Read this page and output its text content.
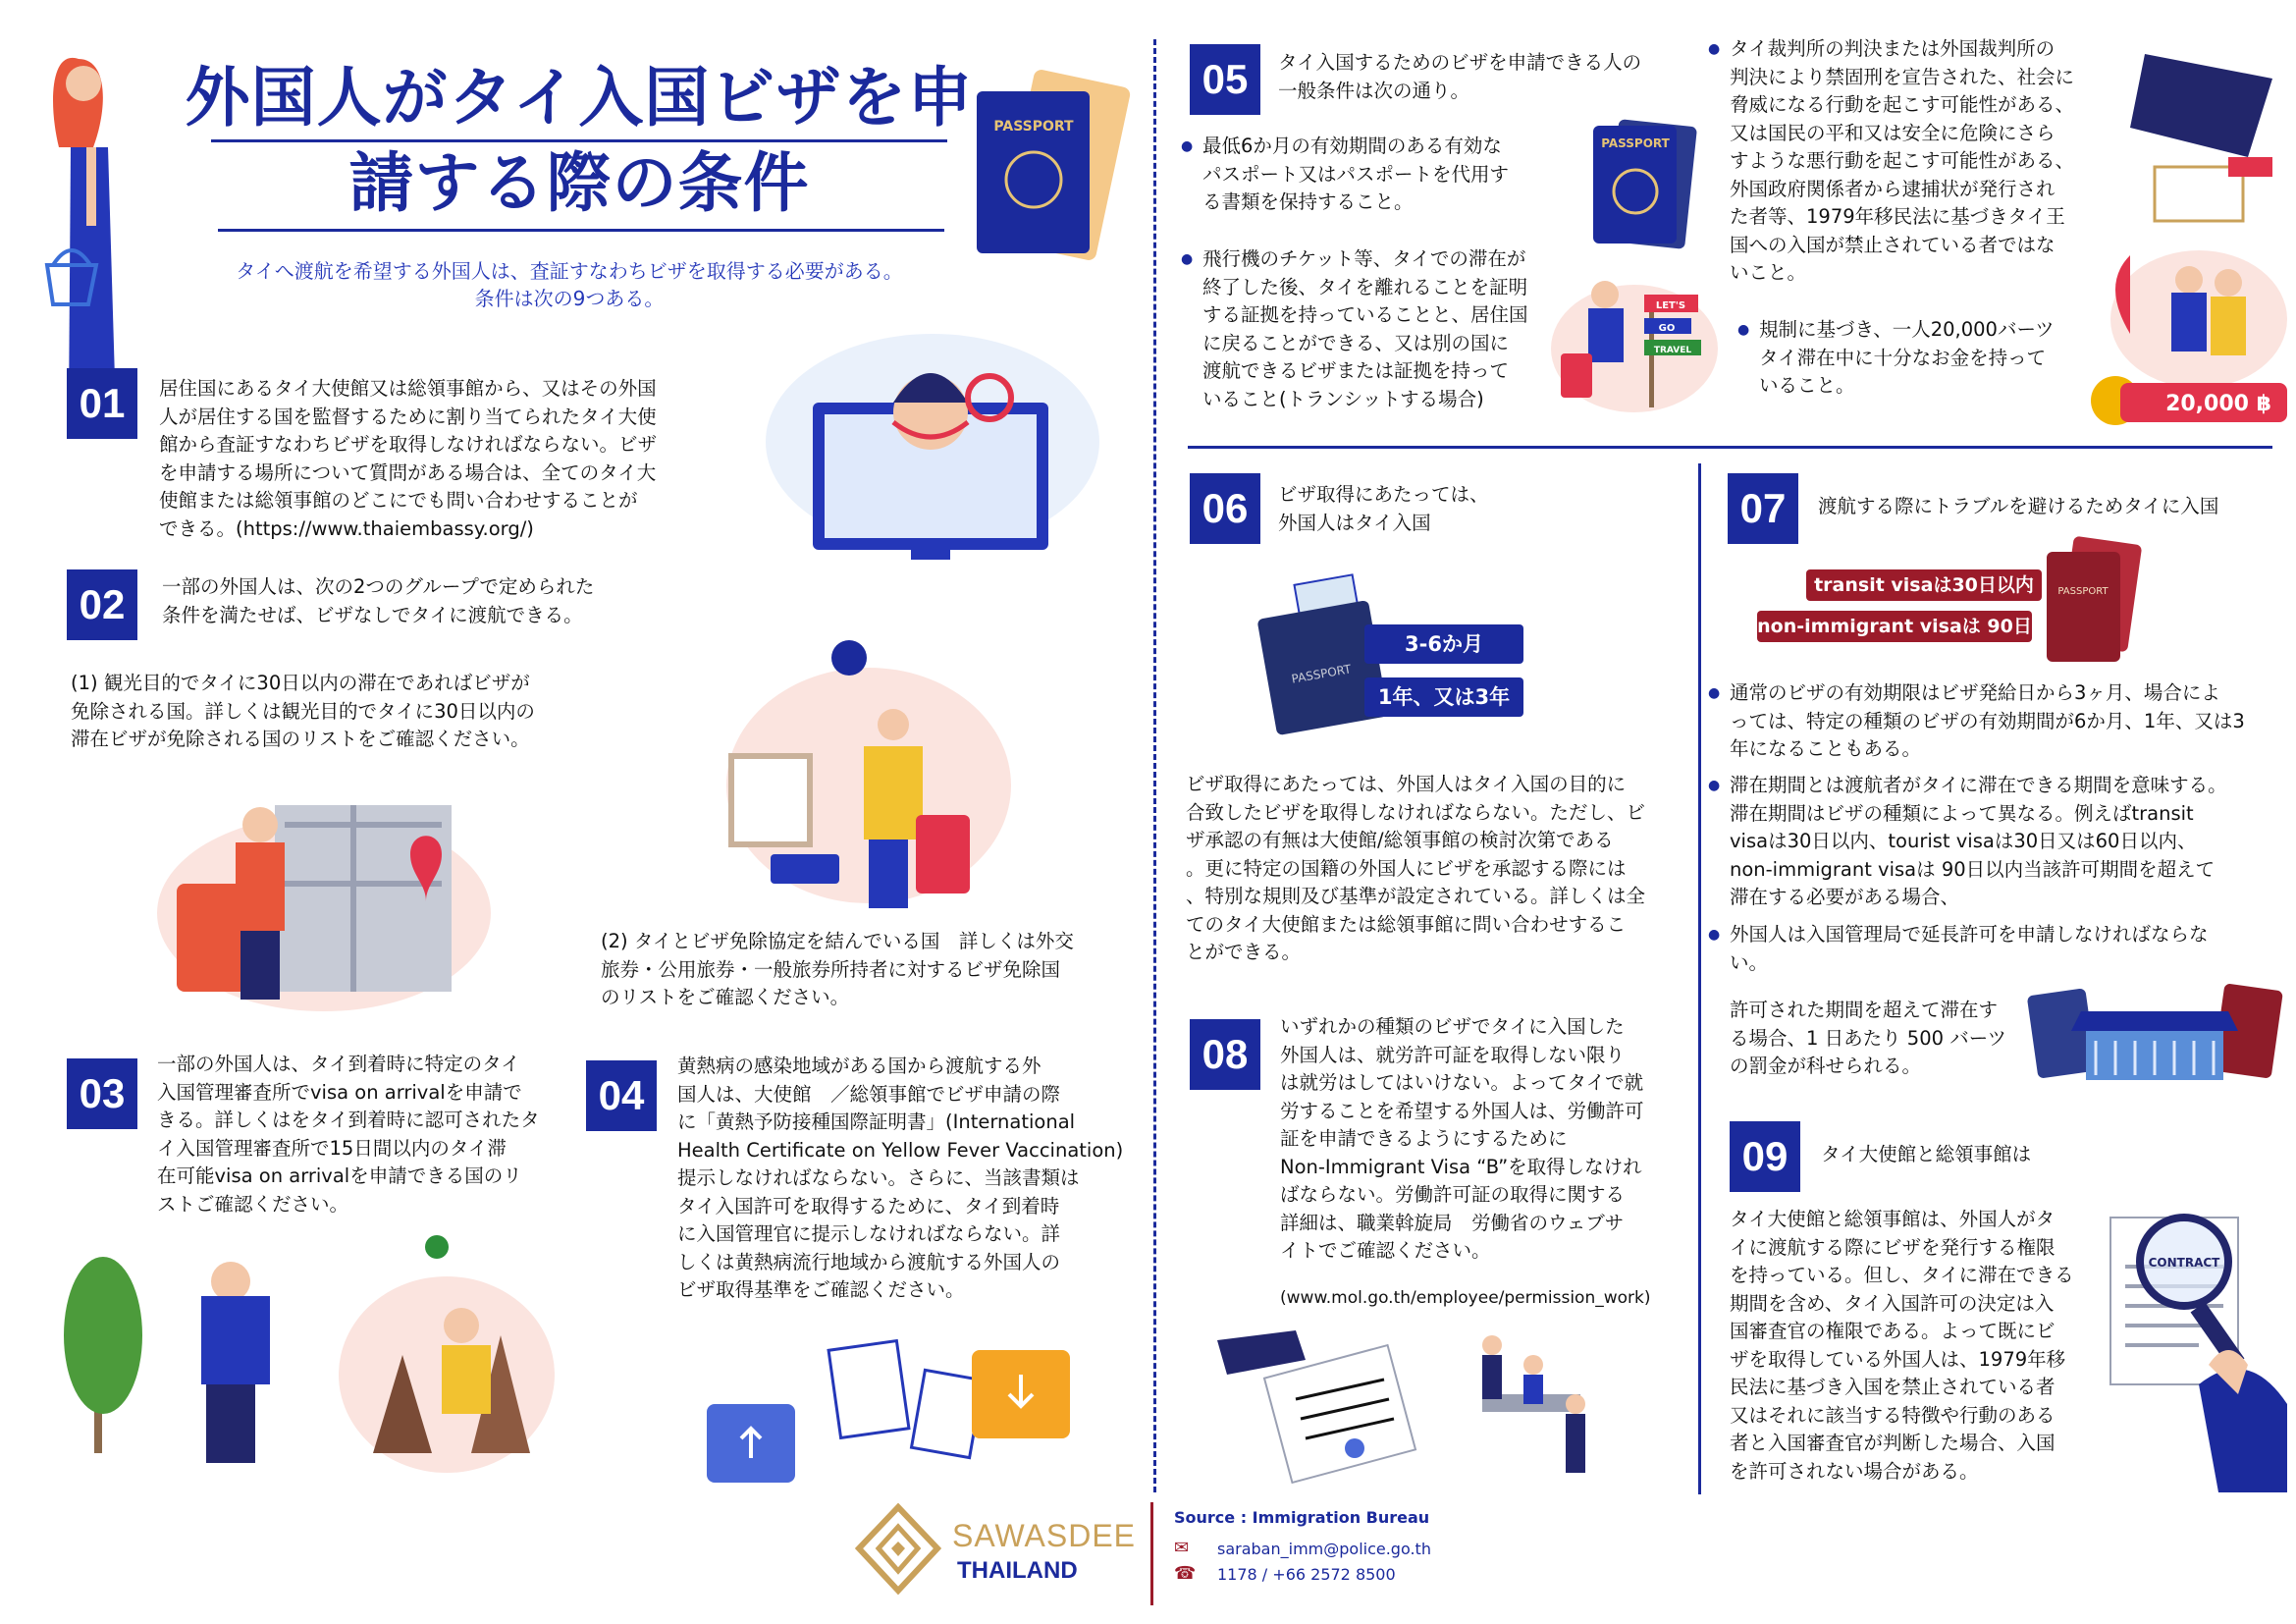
外国人がタイ入国ビザを申
請する際の条件
PASSPORT
タイへ渡航を希望する外国人は、査証すなわちビザを取得する必要がある。
条件は次の9つある。
01	居住国にあるタイ大使館又は総領事館から、又はその外国
人が居住する国を監督するために割り当てられたタイ大使
館から査証すなわちビザを取得しなければならない。ビザ
を申請する場所について質問がある場合は、全てのタイ大
使館または総領事館のどこにでも問い合わせすることが
できる。(https://www.thaiembassy.org/)
02	一部の外国人は、次の2つのグループで定められた
条件を満たせば、ビザなしでタイに渡航できる。
(1) 観光目的でタイに30日以内の滞在であればビザが
免除される国。詳しくは観光目的でタイに30日以内の
滞在ビザが免除される国のリストをご確認ください。
(2) タイとビザ免除協定を結んでいる国　詳しくは外交
旅券・公用旅券・一般旅券所持者に対するビザ免除国
のリストをご確認ください。
03
一部の外国人は、タイ到着時に特定のタイ
入国管理審査所でvisa on arrivalを申請で
きる。詳しくはをタイ到着時に認可されたタ
イ入国管理審査所で15日間以内のタイ滞
在可能visa on arrivalを申請できる国のリ
ストご確認ください。
04
黄熱病の感染地域がある国から渡航する外
国人は、大使館　／総領事館でビザ申請の際
に「黄熱予防接種国際証明書」(International
Health Certificate on Yellow Fever Vaccination)
提示しなければならない。さらに、当該書類は
タイ入国許可を取得するために、タイ到着時
に入国管理官に提示しなければならない。詳
しくは黄熱病流行地域から渡航する外国人の
ビザ取得基準をご確認ください。
SAWASDEE
THAILAND
Source : Immigration Bureau
✉ saraban_imm@police.go.th
☎ 1178 / +66 2572 8500
05	タイ入国するためのビザを申請できる人の
一般条件は次の通り。
● 最低6か月の有効期間のある有効な
パスポート又はパスポートを代用す
る書類を保持すること。
● 飛行機のチケット等、タイでの滞在が
終了した後、タイを離れることを証明
する証拠を持っていることと、居住国
に戻ることができる、又は別の国に
渡航できるビザまたは証拠を持って
いること(トランシットする場合)
● タイ裁判所の判決または外国裁判所の
判決により禁固刑を宣告された、社会に
脅威になる行動を起こす可能性がある、
又は国民の平和又は安全に危険にさら
すような悪行動を起こす可能性がある、
外国政府関係者から逮捕状が発行され
た者等、1979年移民法に基づきタイ王
国への入国が禁止されている者ではな
いこと。
● 規制に基づき、一人20,000バーツ
タイ滞在中に十分なお金を持って
いること。
PASSPORT
LET'S
GO
TRAVEL
20,000 ฿
06	ビザ取得にあたっては、
外国人はタイ入国
PASSPORT
3-6か月
1年、又は3年
ビザ取得にあたっては、外国人はタイ入国の目的に
合致したビザを取得しなければならない。ただし、ビ
ザ承認の有無は大使館/総領事館の検討次第である
。更に特定の国籍の外国人にビザを承認する際には
、特別な規則及び基準が設定されている。詳しくは全
てのタイ大使館または総領事館に問い合わせするこ
とができる。
08
いずれかの種類のビザでタイに入国した
外国人は、就労許可証を取得しない限り
は就労はしてはいけない。よってタイで就
労することを希望する外国人は、労働許可
証を申請できるようにするために
Non-Immigrant Visa “B”を取得しなけれ
ばならない。労働許可証の取得に関する
詳細は、職業斡旋局　労働省のウェブサ
イトでご確認ください。
(www.mol.go.th/employee/permission_work)
07	渡航する際にトラブルを避けるためタイに入国
transit visaは30日以内
non-immigrant visaは 90日
PASSPORT
● 通常のビザの有効期限はビザ発給日から3ヶ月、場合によ
っては、特定の種類のビザの有効期間が6か月、1年、又は3
年になることもある。
● 滞在期間とは渡航者がタイに滞在できる期間を意味する。
滞在期間はビザの種類によって異なる。例えばtransit
visaは30日以内、tourist visaは30日又は60日以内、
non-immigrant visaは 90日以内当該許可期間を超えて
滞在する必要がある場合、
● 外国人は入国管理局で延長許可を申請しなければならな
い。
許可された期間を超えて滞在す
る場合、1 日あたり 500 バーツ
の罰金が科せられる。
09	タイ大使館と総領事館は
タイ大使館と総領事館は、外国人がタ
イに渡航する際にビザを発行する権限
を持っている。但し、タイに滞在できる
期間を含め、タイ入国許可の決定は入
国審査官の権限である。よって既にビ
ザを取得している外国人は、1979年移
民法に基づき入国を禁止されている者
又はそれに該当する特徴や行動のある
者と入国審査官が判断した場合、入国
を許可されない場合がある。
CONTRACT
